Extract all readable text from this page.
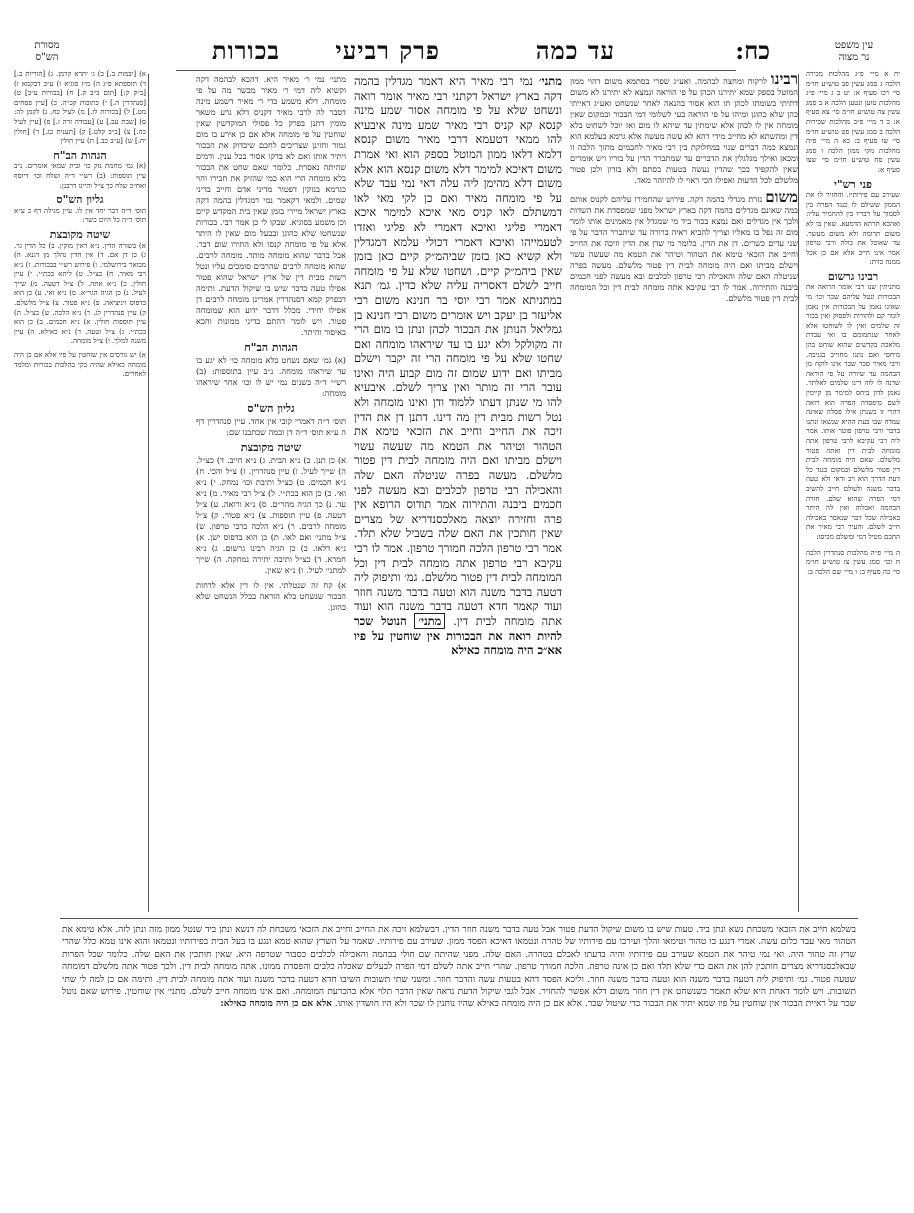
עין משפט
נר מצוה
מסורת
הש"ס	כח:
עד כמה
פרק רביעי
בכורות
יח א מיי׳ פ״ג מהלכות מכירה הלכה ג סמג עשין פב טוש״ע חו״מ סי׳ רכו סעיף א: יט ב ג מיי׳ פ״ג מהלכות טוען ונטען הלכה א ב סמג עשין צה טוש״ע חו״מ סי׳ צא סעיף א: כ ד מיי׳ פ״ב מהלכות שכירות הלכה ב סמג עשין פט טוש״ע חו״מ סי׳ שו סעיף ב: כא ה מיי׳ פ״ה מהלכות נזקי ממון הלכה ו סמג עשין סח טוש״ע חו״מ סי׳ שצו סעיף א:
פני רש"י
שעירב עם פירותיו. והחזיר לו את הממון ששילם לו כנגד הפרה בין לסמוך על דבריו בין להחמיר עליו: ואהכא תרתא הדמעא. שאין בו לא משום תרומה ולא משום מעשר. עד שאוכל את כולה ורבי טרפון אמר אינו חייב אלא אם כן אכל ממנה כזית:
רבינו גרשום
מתניתין שנו רבי אומר הרואה את הבכורות ונטל עליהם שכר וכו׳ מי שאינו נאמן על הבכורות אין נאמן לומר קם ולהורות ולפסוק ואין בכור זה שלמים ואין לו לשוחטו אלא לאחר שנתמומם בו ואי עבדת מלאכה בקדשים שהוא שוחט בהן מיחסי ואם נתנו מחוייב בגניבה. ורבי מאיר סבר שכר אינו לוקח מן הבהמה עד שיורה על פי הוראה שדנה לו לזה דינו שלמים לאלתר. נאמן לדון ביחס למימר מן קיימין לשם מיפסדה הפרה הוא רואה דהרי זו כשנתן אילו פסלה שאינה עמדה שבו בעת ההיא שנשאו ונתנו בדבר ורבי טרפון פוטר אותו. אמר ליה רבי עקיבא לרבי טרפון אתה מומחה לבית דין ואתה פטור מלשלם. שאם היה מומחה לבית דין פטור מלשלם ובמקום כנגד כל דעת הדרך הוא רב ודאי ולא טעה בדבר משנה ולעולם חייב להשיב דמי הפרה שהוא שלם. חזרה הבהמה ואכלוה ואין לה היתר באכילה שכל דבר שנאסר באכילה חייב לשלם. והעיר רבי מאיר את החכם מטיל דמי ומשלם מכיסו:
ה מיי׳ פ״ה מהלכות סנהדרין הלכה ח וכו׳ סמג עשין צז טוש״ע חו״מ סי׳ כה סעיף ב: ו מיי׳ שם הלכה ב:
רבינו לרקוח ומחצה לבהמה. ואע״ג שפרי בסתמא משום דהוי ממון המוטל בספק שמא יתירנו הכהן על פי הוראה ונמצא לא יתירנו לא משום דתיתי בשומתו לכהן תו הוא אסור בהנאה לאחר שנשחט ואע״ג דאייתי כהן שלא כהוגן ומיהו על פי הוראה בעי לשלומי דמי הבכור ובמקום שאין מומחה אין לו לכהן אלא שימתין עד שיהא לו מום ואז יוכל לשחוט בלא דין ומהשתא לא מחייב מידי דהא לא עשה מעשה אלא גרמא בעלמא הוא ונמצא כמה דברים שנוי במחלוקת בין רבי מאיר לחכמים מתוך הלכה זו ומכאן ואילך מגלגלין את הדברים עד שמתברר הדין על בוריו ויש אומרים שאין להקפיד בכך שהדין נעשה בטעות בסתם ולא בזדון ולכן פטור מלשלם לכל הדעות ואפילו הכי ראוי לו להיזהר מאד.
משום נזרת מגדלי בהמה דקה. פירוש שהחמירו עליהם לקנוס אותם במה שאינם מגדלים בהמה דקה בארץ ישראל מפני שמפסדת את השדות ולכך אין מגדלים ואם נמצא בכור ביד מי שמגדל אין מאמינים אותו לומר מום זה נפל בו מאליו וצריך להביא ראיה ברורה עד שיתברר הדבר על פי שני עדים כשרים. דן את הדין. כלומר מי שדן את הדין וזיכה את החייב וחייב את הזכאי טימא את הטהור וטיהר את הטמא מה שעשה עשוי וישלם מביתו ואם היה מומחה לבית דין פטור מלשלם. מעשה בפרה שניטלה האם שלה והאכילה רבי טרפון לכלבים ובא מעשה לפני חכמים ביבנה והתירוה. אמר לו רבי עקיבא אתה מומחה לבית דין וכל המומחה לבית דין פטור מלשלם.
מתני׳ נמי רבי מאיר היא דאמר מגדלין בהמה דקה בארץ ישראל דקתני רבי מאיר אומר רואה ונשחט שלא על פי מומחה אסור שמע מינה קנסא קא קניס רבי מאיר שמע מינה איבעיא להו ממאי דטעמא דרבי מאיר משום קנסא דלמא דלאו ממון המוטל בספק הוא ואי אמרת משום דאיכא למימר דלא משום קנסא הוא אלא משום דלא מהימן ליה עלה דאי נמי עבד שלא על פי מומחה מאיר ואם כן לקי מאי לאו דמשתלם לאו קניס מאי איכא למימר איכא דאמרי פליגי ואיכא דאמרי לא פליגי ואזדו לטעמייהו ואיכא דאמרי דכולי עלמא דמגדלין ולא קשיא כאן בזמן שביהמ״ק קיים כאן בזמן שאין ביהמ״ק קיים. ושחטו שלא על פי מומחה חייב לשלם דאסריה עליה שלא כדין. גמ׳ תנא במתניתא אמר רבי יוסי בר חנינא משום רבי אליעזר בן יעקב ויש אומרים משום רבי חנינא בן גמליאל הנותן את הבכור לכהן ונתן בו מום הרי זה מקולקל ולא יגע בו עד שיראהו מומחה ואם שחטו שלא על פי מומחה הרי זה יקבר וישלם מביתו ואם ידוע שמום זה מום קבוע היה ואינו עובר הרי זה מותר ואין צריך לשלם. איבעיא להו מי שנתן דעתו ללמוד ודן ואינו מומחה ולא נטל רשות מבית דין מה דינו. דתנן דן את הדין זיכה את החייב וחייב את הזכאי טימא את הטהור וטיהר את הטמא מה שעשה עשוי וישלם מביתו ואם היה מומחה לבית דין פטור מלשלם. מעשה בפרה שניטלה האם שלה והאכילה רבי טרפון לכלבים ובא מעשה לפני חכמים ביבנה והתירוה אמר תודוס הרופא אין פרה וחזירה יוצאה מאלכסנדריא של מצרים שאין חותכין את האם שלה בשביל שלא תלד. אמר רבי טרפון הלכה חמורך טרפון. אמר לו רבי עקיבא רבי טרפון אתה מומחה לבית דין וכל המומחה לבית דין פטור מלשלם. גמ׳ ותיפוק ליה דטעה בדבר משנה הוא וטעה בדבר משנה חוזר ועוד קאמר חדא דטעה בדבר משנה הוא ועוד אתה מומחה לבית דין. מתני׳ הנוטל שכר להיות רואה את הבכורות אין שוחטין על פיו אא״כ היה מומחה כאילא
מתני׳ נמי ר׳ מאיר היא. דהכא לבהמה דקה וקשיא ליה דמי ר׳ מאיר מבשר מה על פי מומחה. דלא משמע כדי ר׳ מאיר דשמע מינה דסבר לה לרבי מאיר דקניס דלא גרע משאר מומין דתנן בפרק כל פסולי המוקדשין שאין שוחטין על פי מומחה אלא אם כן אירע בו מום גמור וחזינן שצריכים לחכם שיבדוק את הבכור ויתיר אותו ואם לא בדקו אסור בכל ענין. ודמים שהיתה נאסרת. כלומר שאם שחט את הבכור בלא מומחה הרי הוא כמי שהזיק את חבירו והוי כגרמא בנזקין דפטור מדיני אדם וחייב בדיני שמים. ולמאי דקאמר נמי דמגדלין בהמה דקה בארץ ישראל מיירי בזמן שאין בית המקדש קיים וכן משמע בסוגיא. שבקו לי כן אמר רבי. בכורות שנשחטו שלא כהוגן ובבעל מום שאין לו היתר אלא על פי מומחה קנסו ולא התירו שום דבר. אבל בדבר שהוא מומחה מותר. מומחה לרבים. שהוא מומחה לרבים שהרבים סומכים עליו ונטל רשות מבית דין של ארץ ישראל שהוא פטור אפילו טעה בדבר שיש בו שיקול הדעת. ותימה דבפרק קמא דסנהדרין אמרינן מומחה לרבים דן אפילו יחידי. מכלל דדבר ידוע הוא שמומחה פטור. ויש לומר דהתם בדיני ממונות והכא באיסור והיתר.
הגהות הב"ח
(א) גמ׳ שאם נשחט בלא מומחה כו׳ לא יגע בו עד שיראהו מומחה. נ״ב עיין בתוספות: (ב) רש״י ד״ה בשנים נמי יש לו וכו׳ אחר שיראהו מומחה:
גליון הש"ס
תוס׳ ד״ה דאמרי קובי אין אחד. עיין סנהדרין דף ה ע״א תוס׳ ד״ה דן ובמה שכתבנו שם:
שיטה מקובצת
א) כן תנן. ב) נ״א הבית. ג) נ״א חייב. ד) כצ״ל. ה) שייך לעיל. ו) עיין סנהדרין. ז) צ״ל והכי. ח) נ״א חכמים. ט) כצ״ל ותיבת וכו׳ נמחק. י) נ״א ואי. כ) כן הוא בכת״י. ל) צ״ל רבי מאיר. מ) נ״א עד. נ) כך הגיה מהר״ם. ס) נ״א ורואה. ע) צ״ל דטעה. פ) עיין תוספות. צ) נ״א פטור. ק) צ״ל מומחה לרבים. ר) נ״א הלכה כרבי טרפון. ש) צ״ל מתני׳ ואם לאו. ת) כן הוא בדפוס ישן. א) נ״א דלאו. ב) כן הגיה רבינו גרשום. ג) נ״א חמרא. ד) כצ״ל ותיבה יתירה נמחקה. ה) שייך למתני׳ לעיל. ו) נ״א שאין.
א) קח זה שנטלתי. אין לו דין אלא לדחות הבכור שנשחט בלא הוראה בכלל הנשחט שלא כהוגן.
א) [יבמות ב.] ב) ג׳ יתרא קרמן. ג) [הוריות ב.] ד) תוספתא פ״ג ה) מ״ז סוגיא ו) ע״ב דבקמא ז) [ב״ק ק:] [תום ב״ב ק.] ח) [בכורות ע״ב] ט) [סנהדרין ה.] י) כתובות קכ״ה. כ) [עיין פסחים מט.] ל) [בכורות לו.] מ) לעיל כח. נ) לקמן לה: ס) [שבת עב.] ע) [עבודה זרה ז.] פ) [עיין לעיל כה.] צ) [ב״ב קלט.] ק) [תענית כג.] ר) [חולין יח.] ש) [ע״ב כב.] ת) עיין חולין
הגהות הב"ח
(א) גמ׳ מחמת נזק כו׳ ובית שמאי אומרים. נ״ב עיין תוספות: (ב) רש״י ד״ה ושלח וכו׳ דיוסף ואח״כ שלח כך צ״ל והיינו דרבנן:
גליון הש"ס
תוס׳ ד״ה דבר יחד אין לו. עיין מגילה דף כ ע״א תוס׳ ד״ה כל היום כשר:
שיטה מקובצת
א) בשורה הדין. נ״א דאין מוקין. ב) כל הדין גר. ג) כן דן אם. ד) אין הדין נהלך מן דגנא. ה) מבואר בירושלמי. ו) פירוש רש״י בבכורות. ז) נ״א רבי מאיר. ח) כצ״ל. ט) ליתא בכת״י. י) עיין חולין. כ) נ״א אתה. ל) צ״ל דטעה. מ) שייך לעיל. נ) כן הגיה הגר״א. ס) נ״א ואי. ע) כן הוא בדפוס ויניציאה. פ) נ״א פטור. צ) צ״ל מלשלם. ק) עיין סנהדרין לג. ר) נ״א הלכה. ש) כצ״ל. ת) עיין תוספות חולין. א) נ״א חכמים. ב) כן הוא בכת״י. ג) צ״ל וטעה. ד) נ״א כאילא. ה) עיין משנה למלך. ו) צ״ל מומחה.
א) יש גורסים אין שוחטין על פיו אלא אם כן היה מומחה כאילא שהיה בקי בהלכות בכורות ומלמד לאחרים.
בשלמא חייב את הזכאי משכחת נשא ונתן ביד. טעות שיש בו משום שיקול הדעת פטור אבל טעה בדבר משנה חוזר הדין. דבשלמא זיכה את החייב וחייב את הזכאי משכחת לה דנשא ונתן ביד שנטל ממון מזה ונתן לזה. אלא טימא את הטהור מאי עבד כלום עשה. אמרי דנגע בו טהור וטימאו והלך ועירבו עם פירותיו של טהרה ונטמאו דאיכא הפסד ממון. שעירב עם פירותיו. שאמר על השרץ שהוא טמא ונגע בו בעל הבית בפירותיו ונטמאו והוא אינו טמא כלל שהרי שרץ זה טהור היה. ואי נמי טיהר את הטמא שעירב עם פירותיו והיה בדעתו לאכלם בטהרה. האם שלה. מפני שהיתה שם חולי בבהמה והאכילה לכלבים כסבור שטרפה היא. שאין חותכין את האם שלה. כלומר שכל הפרות שבאלכסנדריא מצרים חותכין להן את האם כדי שלא תלד ואם כן אינה טרפה. הלכה חמורך טרפון. שהרי חייב אתה לשלם דמי הפרה לבעלים שאכלה כלבים והפסדת ממונו. אתה מומחה לבית דין. ולכך פטור אתה מלשלם דמומחה שטעה פטור. גמ׳ ותיפוק ליה דטעה בדבר משנה הוא וטעה בדבר משנה חוזר. וליכא הפסד דהא בטעות עשה והדבר חוזר. ומשני שתי תשובות השיבו חדא דטעה בדבר משנה ועוד אתה מומחה לבית דין. ותימה אם כן למה לי שתי תשובות. ויש לומר דאחת היא שלא תאמר כשנשחט אין דין חוזר משום דלא אפשר להחזיר. אבל לגבי שיקול הדעת נראה שאין הדבר תלוי אלא בהכרעת המומחה. ואם אינו מומחה חייב לשלם. מתני׳ אין שוחטין. פירוש שאם נוטל שכר על ראיית הבכור אין שוחטין על פיו שמא יתיר את הבכור כדי שיטול שכר. אלא אם כן היה מומחה כאילא שהיו נותנין לו שכר ולא היו חושדין אותו. אלא אם כן היה מומחה כאילא:
